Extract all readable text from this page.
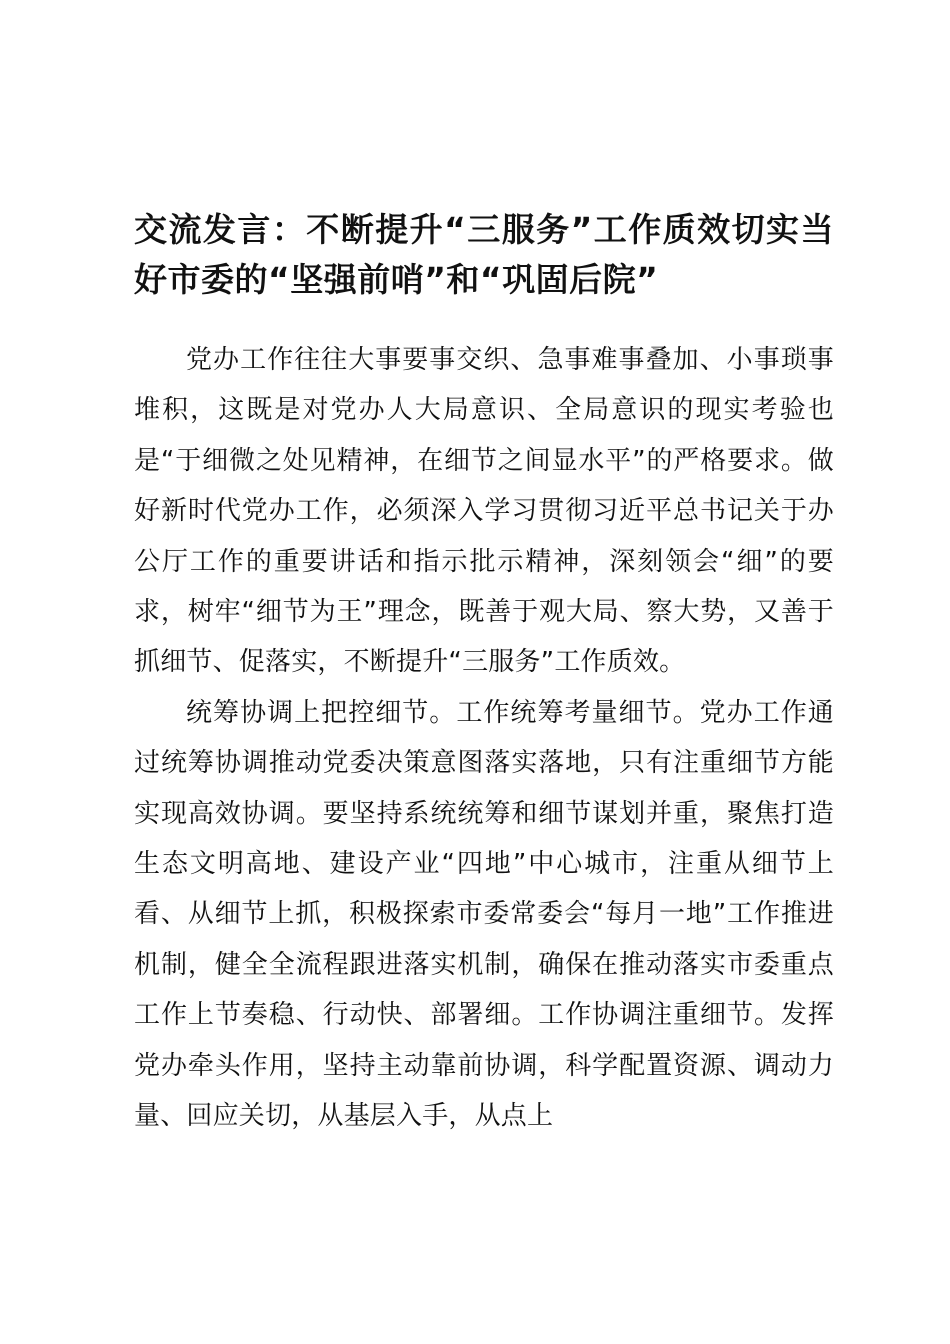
交流发言：不断提升“三服务”工作质效切实当好市委的“坚强前哨”和“巩固后院”

党办工作往往大事要事交织、急事难事叠加、小事琐事堆积，这既是对党办人大局意识、全局意识的现实考验也是“于细微之处见精神，在细节之间显水平”的严格要求。做好新时代党办工作，必须深入学习贯彻习近平总书记关于办公厅工作的重要讲话和指示批示精神，深刻领会“细”的要求，树牢“细节为王”理念，既善于观大局、察大势，又善于抓细节、促落实，不断提升“三服务”工作质效。

统筹协调上把控细节。工作统筹考量细节。党办工作通过统筹协调推动党委决策意图落实落地，只有注重细节方能实现高效协调。要坚持系统统筹和细节谋划并重，聚焦打造生态文明高地、建设产业“四地”中心城市，注重从细节上看、从细节上抓，积极探索市委常委会“每月一地”工作推进机制，健全全流程跟进落实机制，确保在推动落实市委重点工作上节奏稳、行动快、部署细。工作协调注重细节。发挥党办牵头作用，坚持主动靠前协调，科学配置资源、调动力量、回应关切，从基层入手，从点上
